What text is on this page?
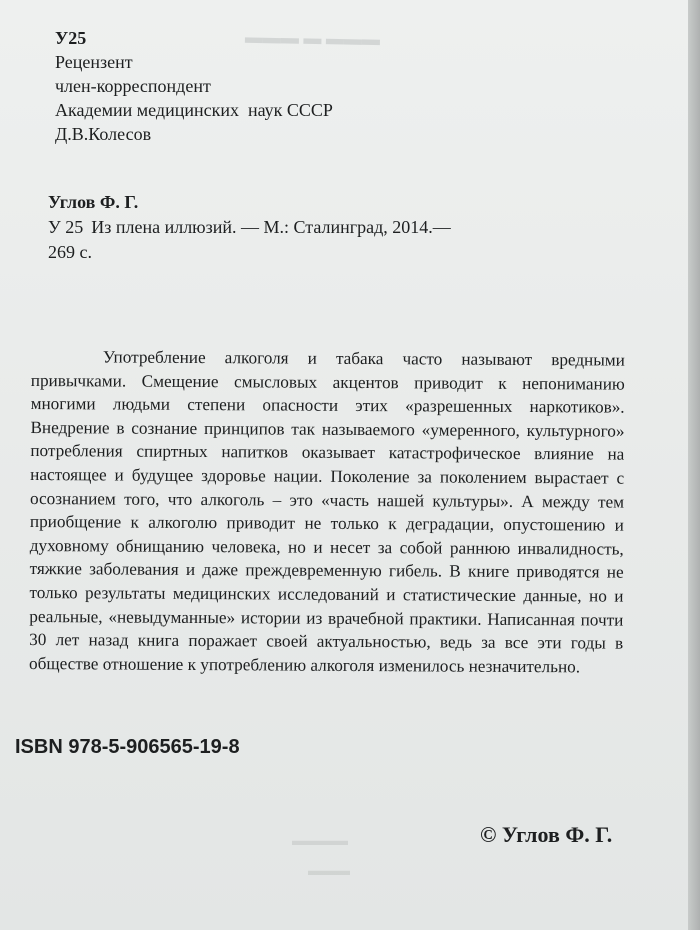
▬▬▬ ▬ ▬▬▬
▬▬▬▬
▬▬▬
У25
Рецензент
член-корреспондент
Академии медицинских  наук СССР
Д.В.Колесов
Углов Ф. Г.
У 25 Из плена иллюзий. — М.: Сталинград, 2014.—
269 с.

Употребление алкоголя и табака часто называют вредными привычками. Смещение смысловых акцентов приводит к непониманию многими людьми степени опасности этих «разрешенных наркотиков». Внедрение в сознание принципов так называемого «умеренного, культурного» потребления спиртных напитков оказывает катастрофическое влияние на настоящее и будущее здоровье нации. Поколение за поколением вырастает с осознанием того, что алкоголь – это «часть нашей культуры». А между тем приобщение к алкоголю приводит не только к деградации, опустошению и духовному обнищанию человека, но и несет за собой раннюю инвалидность, тяжкие заболевания и даже преждевременную гибель. В книге приводятся не только результаты медицинских исследований и статистические данные, но и реальные, «невыдуманные» истории из врачебной практики. Написанная почти 30 лет назад книга поражает своей актуальностью, ведь за все эти годы в обществе отношение к употреблению алкоголя изменилось незначительно.

ISBN 978-5-906565-19-8
© Углов Ф. Г.
